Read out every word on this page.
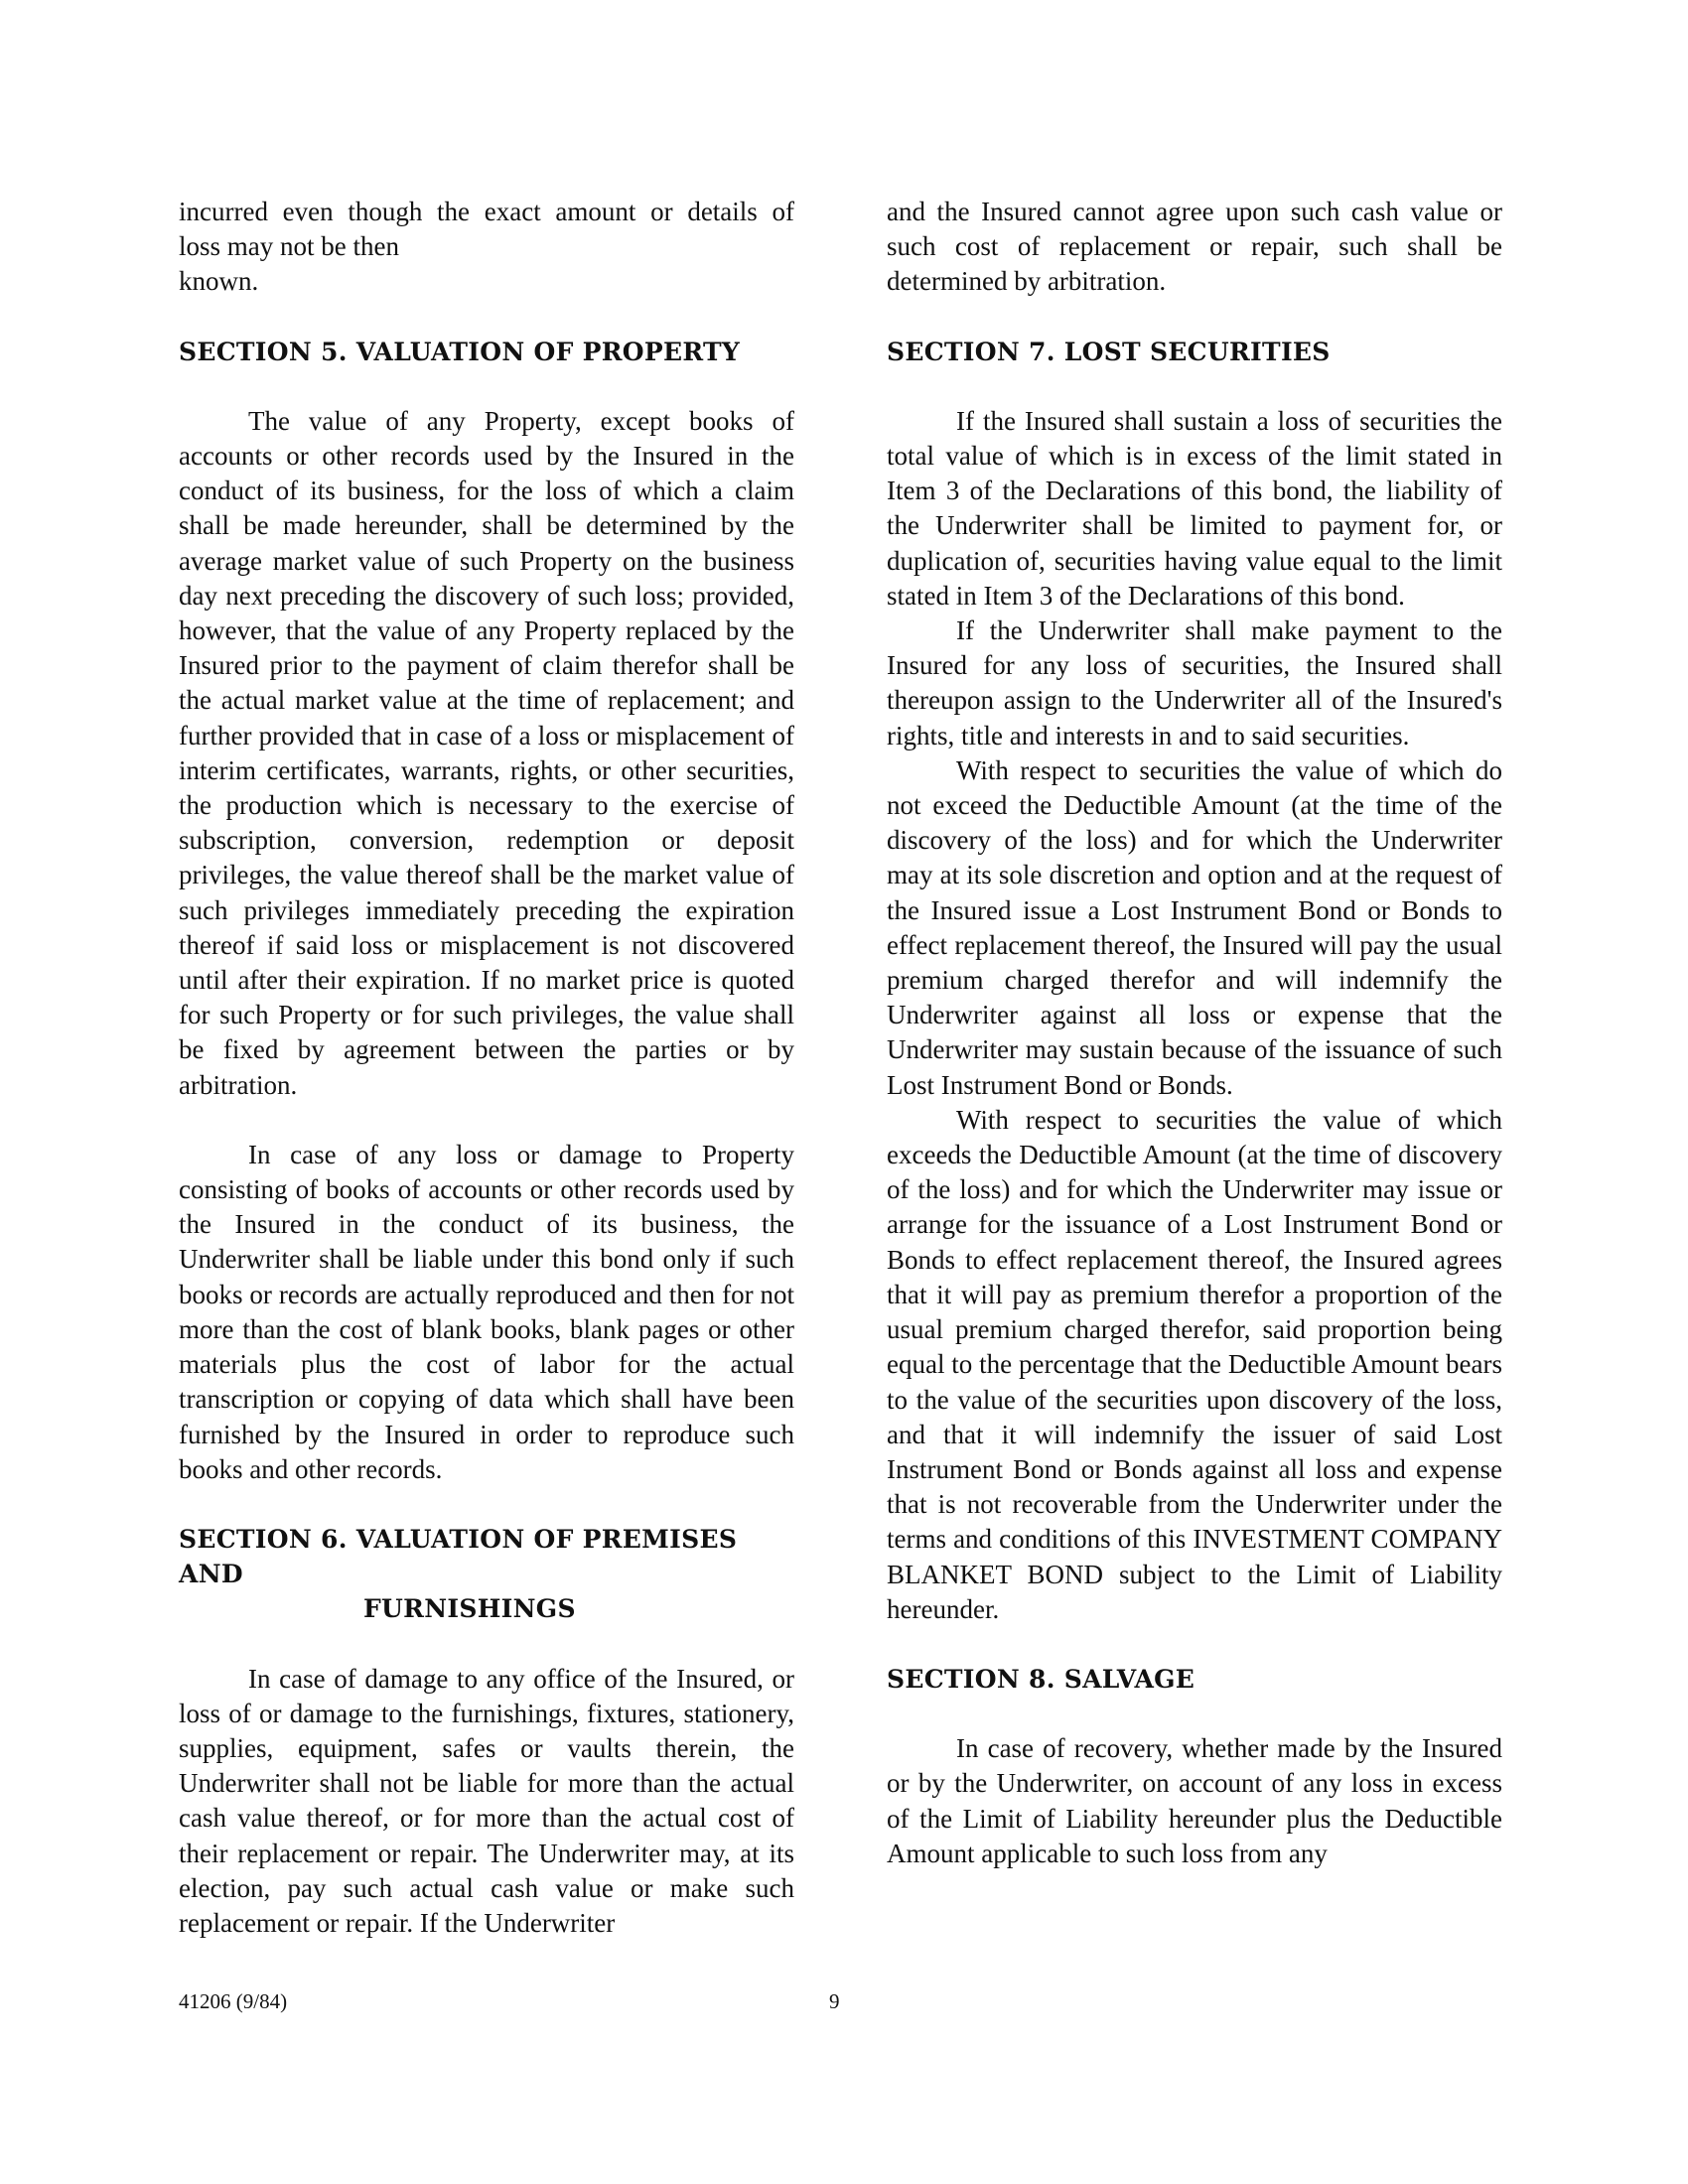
incurred even though the exact amount or details of
loss may not be then
known.
SECTION 5. VALUATION OF PROPERTY

The value of any Property, except books of accounts or other records used by the Insured in the conduct of its business, for the loss of which a claim shall be made hereunder, shall be determined by the average market value of such Property on the business day next preceding the discovery of such loss; provided, however, that the value of any Property replaced by the Insured prior to the payment of claim therefor shall be the actual market value at the time of replacement; and further provided that in case of a loss or misplacement of interim certificates, warrants, rights, or other securities, the production which is necessary to the exercise of subscription, conversion, redemption or deposit privileges, the value thereof shall be the market value of such privileges immediately preceding the expiration thereof if said loss or misplacement is not discovered until after their expiration. If no market price is quoted for such Property or for such privileges, the value shall be fixed by agreement between the parties or by arbitration.

In case of any loss or damage to Property consisting of books of accounts or other records used by the Insured in the conduct of its business, the Underwriter shall be liable under this bond only if such books or records are actually reproduced and then for not more than the cost of blank books, blank pages or other materials plus the cost of labor for the actual transcription or copying of data which shall have been furnished by the Insured in order to reproduce such books and other records.

SECTION 6. VALUATION OF PREMISES AND
FURNISHINGS

In case of damage to any office of the Insured, or loss of or damage to the furnishings, fixtures, stationery, supplies, equipment, safes or vaults therein, the Underwriter shall not be liable for more than the actual cash value thereof, or for more than the actual cost of their replacement or repair. The Underwriter may, at its election, pay such actual cash value or make such replacement or repair. If the Underwriter

and the Insured cannot agree upon such cash value or such cost of replacement or repair, such shall be determined by arbitration.

SECTION 7. LOST SECURITIES

If the Insured shall sustain a loss of securities the total value of which is in excess of the limit stated in Item 3 of the Declarations of this bond, the liability of the Underwriter shall be limited to payment for, or duplication of, securities having value equal to the limit stated in Item 3 of the Declarations of this bond.

If the Underwriter shall make payment to the Insured for any loss of securities, the Insured shall thereupon assign to the Underwriter all of the Insured's rights, title and interests in and to said securities.

With respect to securities the value of which do not exceed the Deductible Amount (at the time of the discovery of the loss) and for which the Underwriter may at its sole discretion and option and at the request of the Insured issue a Lost Instrument Bond or Bonds to effect replacement thereof, the Insured will pay the usual premium charged therefor and will indemnify the Underwriter against all loss or expense that the Underwriter may sustain because of the issuance of such Lost Instrument Bond or Bonds.

With respect to securities the value of which exceeds the Deductible Amount (at the time of discovery of the loss) and for which the Underwriter may issue or arrange for the issuance of a Lost Instrument Bond or Bonds to effect replacement thereof, the Insured agrees that it will pay as premium therefor a proportion of the usual premium charged therefor, said proportion being equal to the percentage that the Deductible Amount bears to the value of the securities upon discovery of the loss, and that it will indemnify the issuer of said Lost Instrument Bond or Bonds against all loss and expense that is not recoverable from the Underwriter under the terms and conditions of this INVESTMENT COMPANY BLANKET BOND subject to the Limit of Liability hereunder.

SECTION 8. SALVAGE

In case of recovery, whether made by the Insured or by the Underwriter, on account of any loss in excess of the Limit of Liability hereunder plus the Deductible Amount applicable to such loss from any

41206 (9/84)	9
